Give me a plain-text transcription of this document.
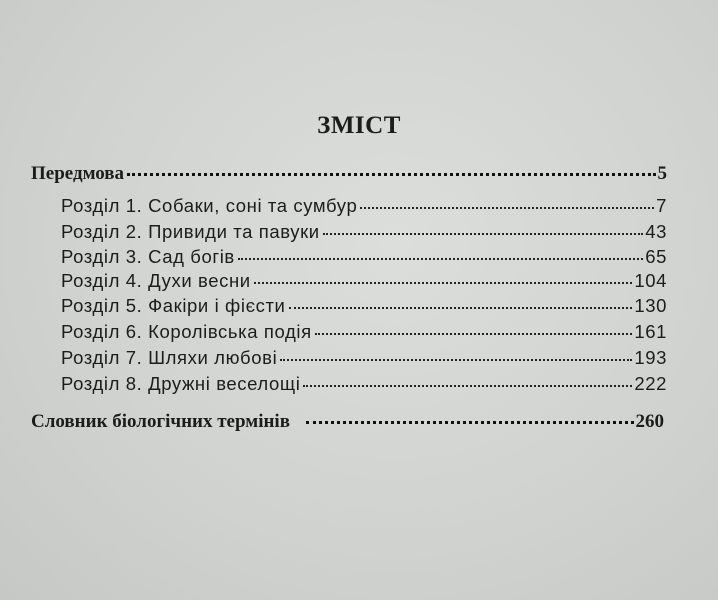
ЗМІСТ
Передмова	5
Розділ 1. Собаки, соні та сумбур	7
Розділ 2. Привиди та павуки	43
Розділ 3. Сад богів	65
Розділ 4. Духи весни	104
Розділ 5. Факіри і фієсти	130
Розділ 6. Королівська подія	161
Розділ 7. Шляхи любові	193
Розділ 8. Дружні веселощі	222
Словник біологічних термінів	260
